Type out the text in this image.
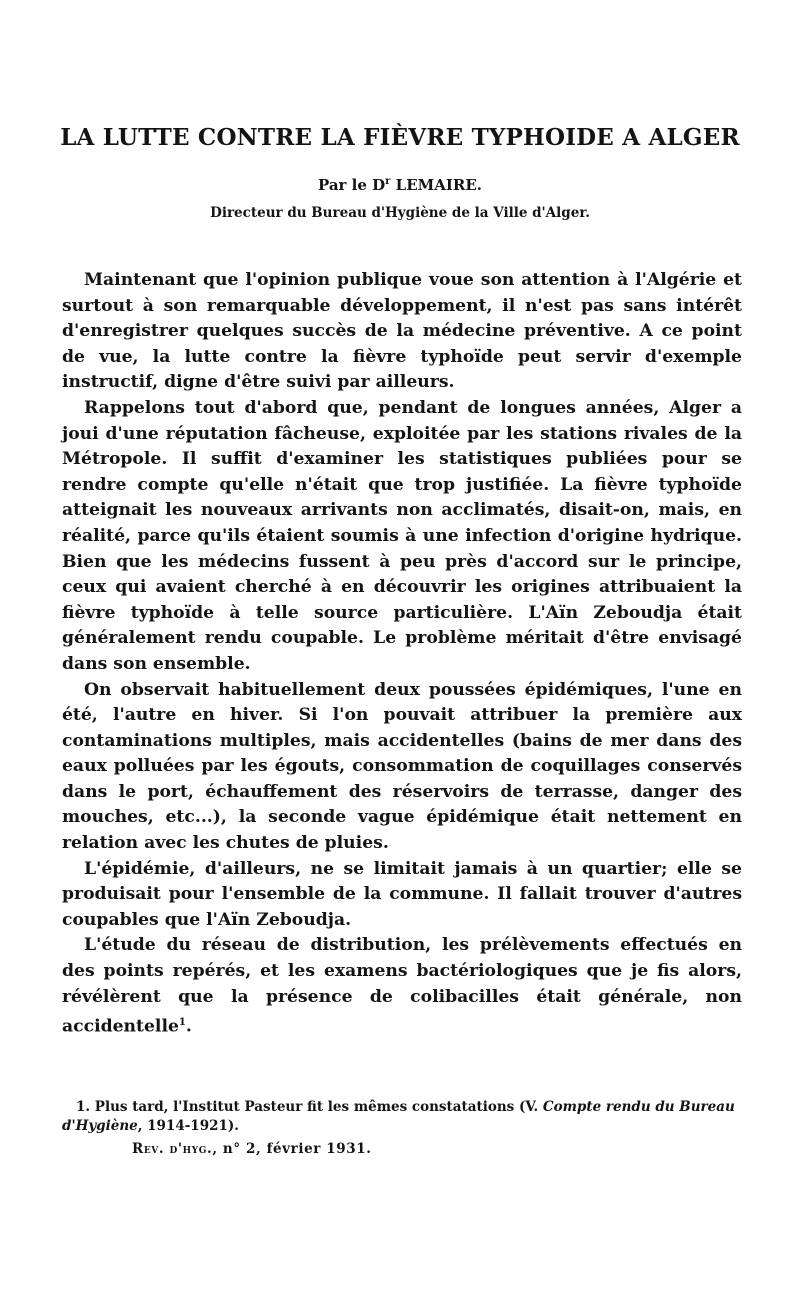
LA LUTTE CONTRE LA FIÈVRE TYPHOIDE A ALGER
Par le $D^r$ LEMAIRE.
Directeur du Bureau d'Hygiène de la Ville d'Alger.

Maintenant que l'opinion publique voue son attention à l'Algérie et surtout à son remarquable développement, il n'est pas sans intérêt d'enregistrer quelques succès de la médecine préventive. A ce point de vue, la lutte contre la fièvre typhoïde peut servir d'exemple instructif, digne d'être suivi par ailleurs.

Rappelons tout d'abord que, pendant de longues années, Alger a joui d'une réputation fâcheuse, exploitée par les stations rivales de la Métropole. Il suffit d'examiner les statistiques publiées pour se rendre compte qu'elle n'était que trop justifiée. La fièvre typhoïde atteignait les nouveaux arrivants non acclimatés, disait-on, mais, en réalité, parce qu'ils étaient soumis à une infection d'origine hydrique. Bien que les médecins fussent à peu près d'accord sur le principe, ceux qui avaient cherché à en découvrir les origines attribuaient la fièvre typhoïde à telle source particulière. L'Aïn Zeboudja était généralement rendu coupable. Le problème méritait d'être envisagé dans son ensemble.

On observait habituellement deux poussées épidémiques, l'une en été, l'autre en hiver. Si l'on pouvait attribuer la première aux contaminations multiples, mais accidentelles (bains de mer dans des eaux polluées par les égouts, consommation de coquillages conservés dans le port, échauffement des réservoirs de terrasse, danger des mouches, etc...), la seconde vague épidémique était nettement en relation avec les chutes de pluies.

L'épidémie, d'ailleurs, ne se limitait jamais à un quartier; elle se produisait pour l'ensemble de la commune. Il fallait trouver d'autres coupables que l'Aïn Zeboudja.

L'étude du réseau de distribution, les prélèvements effectués en des points repérés, et les examens bactériologiques que je fis alors, révélèrent que la présence de colibacilles était générale, non accidentelle$^1$.

1. Plus tard, l'Institut Pasteur fit les mêmes constatations (V. Compte rendu du Bureau d'Hygiène, 1914-1921).

Rev. d'hyg., n° 2, février 1931.
